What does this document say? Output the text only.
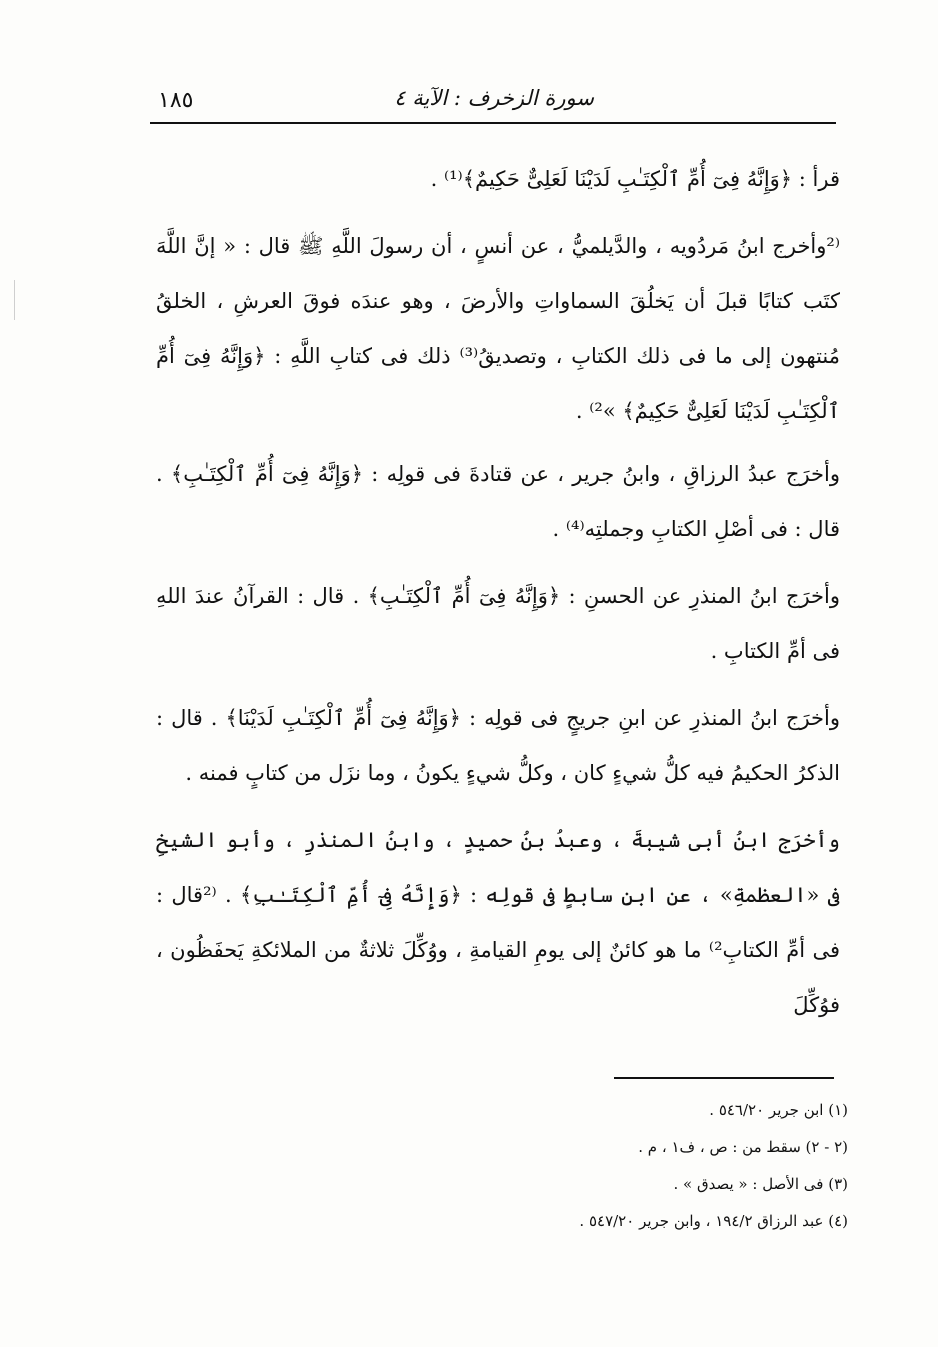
سورة الزخرف : الآية ٤
١٨٥

قرأ : ﴿وَإِنَّهُ فِىٓ أُمِّ ٱلْكِتَـٰبِ لَدَيْنَا لَعَلِىٌّ حَكِيمٌ﴾⁽¹⁾ .

⁽²وأخرج ابنُ مَردُويه ، والدَّيلميُّ ، عن أنسٍ ، أن رسولَ اللَّهِ ﷺ قال : « إنَّ اللَّهَ كتَب كتابًا قبلَ أن يَخلُقَ السماواتِ والأرضَ ، وهو عندَه فوقَ العرشِ ، الخلقُ مُنتهون إلى ما فى ذلك الكتابِ ، وتصديقُ⁽³⁾ ذلك فى كتابِ اللَّهِ : ﴿وَإِنَّهُ فِىٓ أُمِّ ٱلْكِتَـٰبِ لَدَيْنَا لَعَلِىٌّ حَكِيمٌ﴾ »²⁾ .

وأخرَج عبدُ الرزاقِ ، وابنُ جرير ، عن قتادةَ فى قولِه : ﴿وَإِنَّهُ فِىٓ أُمِّ ٱلْكِتَـٰبِ﴾ . قال : فى أصْلِ الكتابِ وجملتِه⁽⁴⁾ .

وأخرَج ابنُ المنذرِ عن الحسنِ : ﴿وَإِنَّهُ فِىٓ أُمِّ ٱلْكِتَـٰبِ﴾ . قال : القرآنُ عندَ اللهِ فى أمِّ الكتابِ .

وأخرَج ابنُ المنذرِ عن ابنِ جريجٍ فى قولِه : ﴿وَإِنَّهُ فِىٓ أُمِّ ٱلْكِتَـٰبِ لَدَيْنَا﴾ . قال : الذكرُ الحكيمُ فيه كلُّ شيءٍ كان ، وكلُّ شيءٍ يكونُ ، وما نزَل من كتابٍ فمنه .

وأخرَج ابنُ أبى شيبةَ ، وعبدُ بنُ حميدٍ ، وابنُ المنذرِ ، وأبو الشيخِ فى «العظمةِ» ، عن ابنِ سابطٍ فى قولِه : ﴿وَإِنَّهُ فِىٓ أُمِّ ٱلْكِتَـٰبِ﴾ . ⁽²قال : فى أمِّ الكتابِ²⁾ ما هو كائنٌ إلى يومِ القيامةِ ، ووُكِّلَ ثلاثةٌ من الملائكةِ يَحفَظُون ، فوُكِّلَ

(١) ابن جرير ٥٤٦/٢٠ .

(٢ - ٢) سقط من : ص ، ف١ ، م .

(٣) فى الأصل : « يصدق » .

(٤) عبد الرزاق ١٩٤/٢ ، وابن جرير ٥٤٧/٢٠ .
